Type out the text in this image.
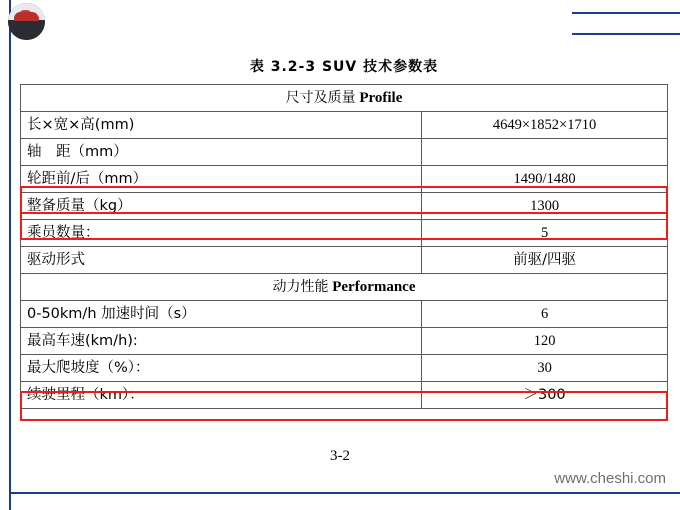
表 3.2-3 SUV 技术参数表
尺寸及质量 Profile	
长×宽×高(mm)	4649×1852×1710
轴　距（mm）	
轮距前/后（mm）	1490/1480
整备质量（kg）	1300
乘员数量：	5
驱动形式	前驱/四驱
动力性能 Performance	
0-50km/h 加速时间（s）	6
最高车速(km/h):	120
最大爬坡度（%）：	30
续驶里程（km）：	＞300
3-2
www.cheshi.com
